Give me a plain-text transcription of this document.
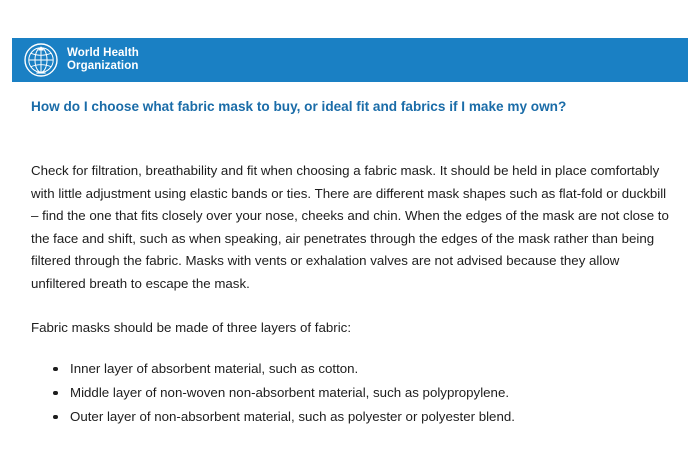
World Health
Organization
How do I choose what fabric mask to buy, or ideal fit and fabrics if I make my own?

Check for filtration, breathability and fit when choosing a fabric mask. It should be held in place comfortably with little adjustment using elastic bands or ties. There are different mask shapes such as flat-fold or duckbill – find the one that fits closely over your nose, cheeks and chin. When the edges of the mask are not close to the face and shift, such as when speaking, air penetrates through the edges of the mask rather than being filtered through the fabric. Masks with vents or exhalation valves are not advised because they allow unfiltered breath to escape the mask.

Fabric masks should be made of three layers of fabric:

Inner layer of absorbent material, such as cotton.
Middle layer of non-woven non-absorbent material, such as polypropylene.
Outer layer of non-absorbent material, such as polyester or polyester blend.
